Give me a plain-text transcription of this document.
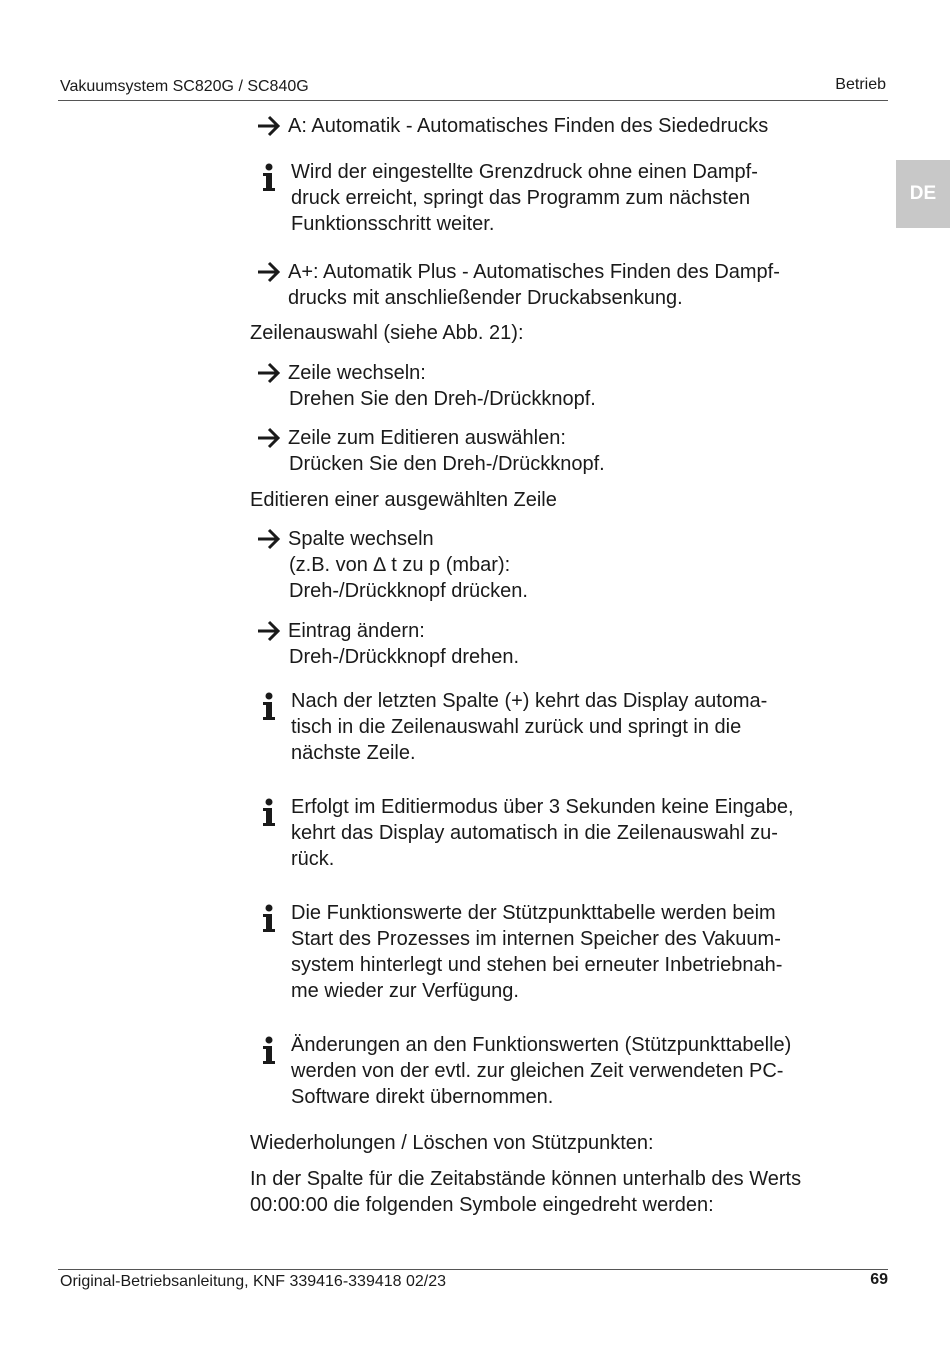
Vakuumsystem SC820G / SC840G	Betrieb
DE
A: Automatik - Automatisches Finden des Siededrucks
Wird der eingestellte Grenzdruck ohne einen Dampf-
druck erreicht, springt das Programm zum nächsten
Funktionsschritt weiter.
A+: Automatik Plus - Automatisches Finden des Dampf-
drucks mit anschließender Druckabsenkung.
Zeilenauswahl (siehe Abb. 21):
Zeile wechseln:
Drehen Sie den Dreh-/Drückknopf.
Zeile zum Editieren auswählen:
Drücken Sie den Dreh-/Drückknopf.
Editieren einer ausgewählten Zeile
Spalte wechseln
(z.B. von ∆ t zu p (mbar):
Dreh-/Drückknopf drücken.
Eintrag ändern:
Dreh-/Drückknopf drehen.
Nach der letzten Spalte (+) kehrt das Display automa-
tisch in die Zeilenauswahl zurück und springt in die
nächste Zeile.
Erfolgt im Editiermodus über 3 Sekunden keine Eingabe,
kehrt das Display automatisch in die Zeilenauswahl zu-
rück.
Die Funktionswerte der Stützpunkttabelle werden beim
Start des Prozesses im internen Speicher des Vakuum-
system hinterlegt und stehen bei erneuter Inbetriebnah-
me wieder zur Verfügung.
Änderungen an den Funktionswerten (Stützpunkttabelle)
werden von der evtl. zur gleichen Zeit verwendeten PC-
Software direkt übernommen.
Wiederholungen / Löschen von Stützpunkten:
In der Spalte für die Zeitabstände können unterhalb des Werts
00:00:00 die folgenden Symbole eingedreht werden:
Original-Betriebsanleitung, KNF 339416-339418 02/23	69
